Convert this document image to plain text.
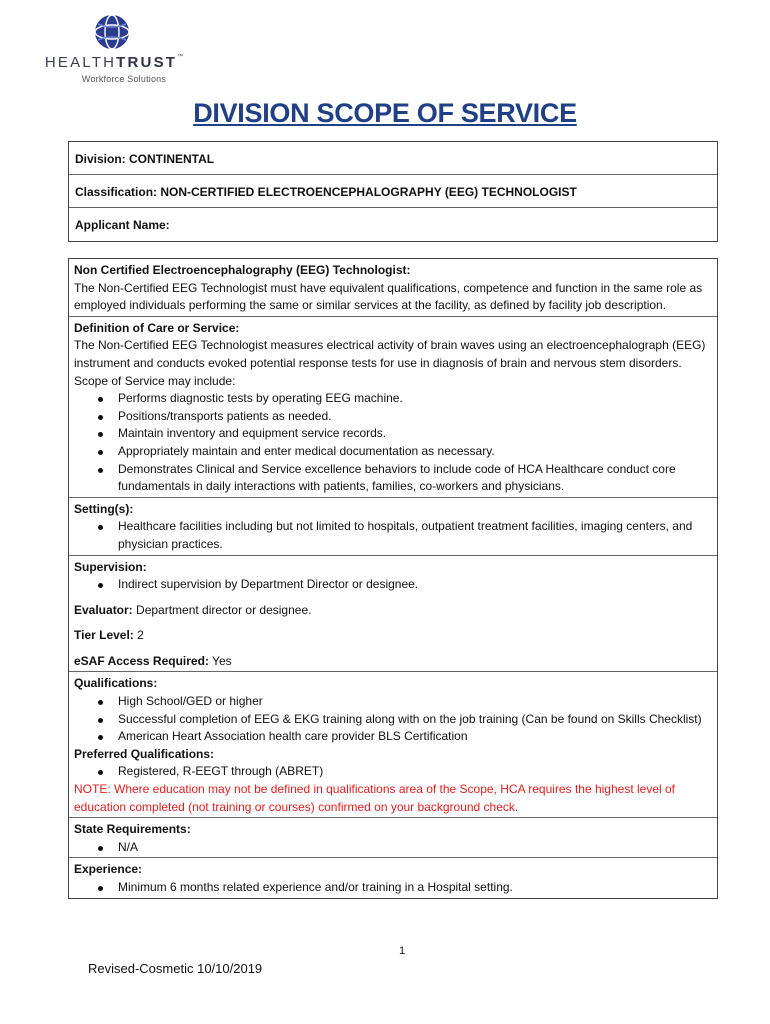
HEALTHTRUST™
Workforce Solutions
DIVISION SCOPE OF SERVICE
Division: CONTINENTAL
Classification: NON-CERTIFIED ELECTROENCEPHALOGRAPHY (EEG) TECHNOLOGIST
Applicant Name:
Non Certified Electroencephalography (EEG) Technologist:
The Non-Certified EEG Technologist must have equivalent qualifications, competence and function in the same role as employed individuals performing the same or similar services at the facility, as defined by facility job description.
Definition of Care or Service:
The Non-Certified EEG Technologist measures electrical activity of brain waves using an electroencephalograph (EEG) instrument and conducts evoked potential response tests for use in diagnosis of brain and nervous stem disorders. Scope of Service may include:
Performs diagnostic tests by operating EEG machine.
Positions/transports patients as needed.
Maintain inventory and equipment service records.
Appropriately maintain and enter medical documentation as necessary.
Demonstrates Clinical and Service excellence behaviors to include code of HCA Healthcare conduct core fundamentals in daily interactions with patients, families, co-workers and physicians.
Setting(s):
Healthcare facilities including but not limited to hospitals, outpatient treatment facilities, imaging centers, and physician practices.
Supervision:
Indirect supervision by Department Director or designee.
Evaluator: Department director or designee.
Tier Level: 2
eSAF Access Required: Yes
Qualifications:
High School/GED or higher
Successful completion of EEG & EKG training along with on the job training (Can be found on Skills Checklist)
American Heart Association health care provider BLS Certification
Preferred Qualifications:
Registered, R-EEGT through (ABRET)
NOTE: Where education may not be defined in qualifications area of the Scope, HCA requires the highest level of education completed (not training or courses) confirmed on your background check.
State Requirements:
N/A
Experience:
Minimum 6 months related experience and/or training in a Hospital setting.
1
Revised-Cosmetic 10/10/2019
